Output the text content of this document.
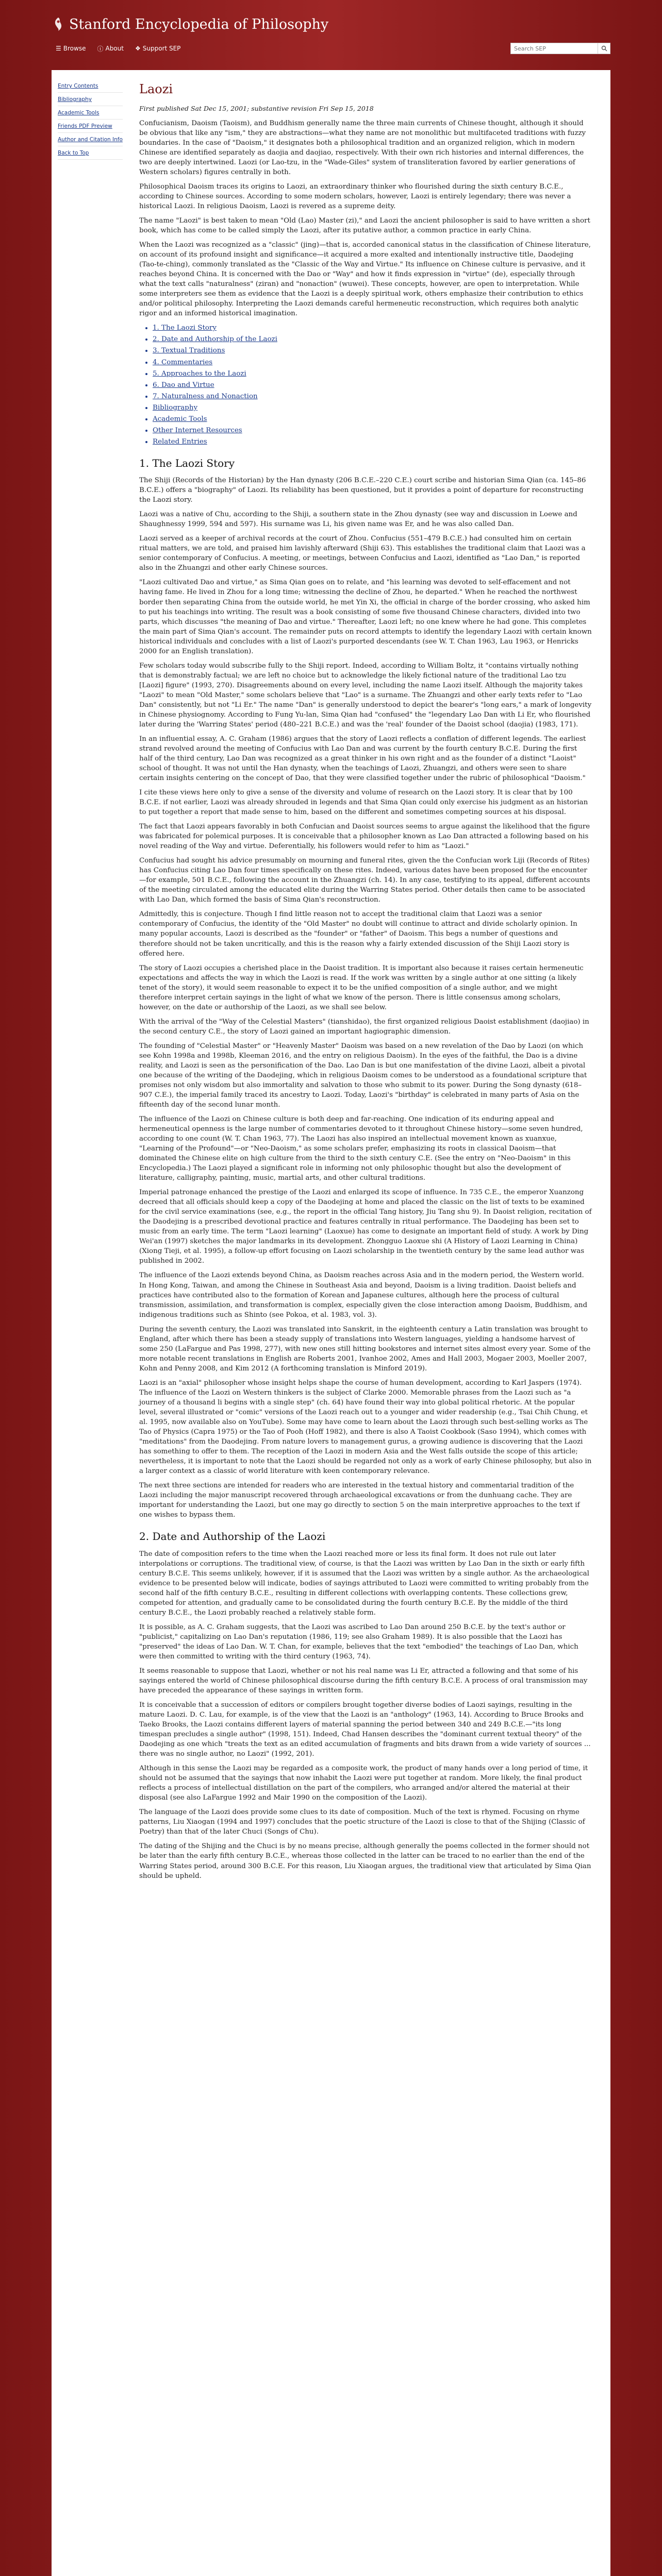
Stanford Encyclopedia of Philosophy
☰ Browse ⓘ About ❖ Support SEP
Search SEP
Entry Contents
Bibliography
Academic Tools
Friends PDF Preview
Author and Citation Info
Back to Top
Laozi
First published Sat Dec 15, 2001; substantive revision Fri Sep 15, 2018

Confucianism, Daoism (Taoism), and Buddhism generally name the three main currents of Chinese thought, although it should be obvious that like any "ism," they are abstractions—what they name are not monolithic but multifaceted traditions with fuzzy boundaries. In the case of "Daoism," it designates both a philosophical tradition and an organized religion, which in modern Chinese are identified separately as daojia and daojiao, respectively. With their own rich histories and internal differences, the two are deeply intertwined. Laozi (or Lao-tzu, in the "Wade-Giles" system of transliteration favored by earlier generations of Western scholars) figures centrally in both.

Philosophical Daoism traces its origins to Laozi, an extraordinary thinker who flourished during the sixth century B.C.E., according to Chinese sources. According to some modern scholars, however, Laozi is entirely legendary; there was never a historical Laozi. In religious Daoism, Laozi is revered as a supreme deity.

The name "Laozi" is best taken to mean "Old (Lao) Master (zi)," and Laozi the ancient philosopher is said to have written a short book, which has come to be called simply the Laozi, after its putative author, a common practice in early China.

When the Laozi was recognized as a "classic" (jing)—that is, accorded canonical status in the classification of Chinese literature, on account of its profound insight and significance—it acquired a more exalted and intentionally instructive title, Daodejing (Tao-te-ching), commonly translated as the "Classic of the Way and Virtue." Its influence on Chinese culture is pervasive, and it reaches beyond China. It is concerned with the Dao or "Way" and how it finds expression in "virtue" (de), especially through what the text calls "naturalness" (ziran) and "nonaction" (wuwei). These concepts, however, are open to interpretation. While some interpreters see them as evidence that the Laozi is a deeply spiritual work, others emphasize their contribution to ethics and/or political philosophy. Interpreting the Laozi demands careful hermeneutic reconstruction, which requires both analytic rigor and an informed historical imagination.

• 1. The Laozi Story
• 2. Date and Authorship of the Laozi
• 3. Textual Traditions
• 4. Commentaries
• 5. Approaches to the Laozi
• 6. Dao and Virtue
• 7. Naturalness and Nonaction
• Bibliography
• Academic Tools
• Other Internet Resources
• Related Entries
1. The Laozi Story

The Shiji (Records of the Historian) by the Han dynasty (206 B.C.E.–220 C.E.) court scribe and historian Sima Qian (ca. 145–86 B.C.E.) offers a "biography" of Laozi. Its reliability has been questioned, but it provides a point of departure for reconstructing the Laozi story.

Laozi was a native of Chu, according to the Shiji, a southern state in the Zhou dynasty (see way and discussion in Loewe and Shaughnessy 1999, 594 and 597). His surname was Li, his given name was Er, and he was also called Dan.

Laozi served as a keeper of archival records at the court of Zhou. Confucius (551–479 B.C.E.) had consulted him on certain ritual matters, we are told, and praised him lavishly afterward (Shiji 63). This establishes the traditional claim that Laozi was a senior contemporary of Confucius. A meeting, or meetings, between Confucius and Laozi, identified as "Lao Dan," is reported also in the Zhuangzi and other early Chinese sources.

"Laozi cultivated Dao and virtue," as Sima Qian goes on to relate, and "his learning was devoted to self-effacement and not having fame. He lived in Zhou for a long time; witnessing the decline of Zhou, he departed." When he reached the northwest border then separating China from the outside world, he met Yin Xi, the official in charge of the border crossing, who asked him to put his teachings into writing. The result was a book consisting of some five thousand Chinese characters, divided into two parts, which discusses "the meaning of Dao and virtue." Thereafter, Laozi left; no one knew where he had gone. This completes the main part of Sima Qian's account. The remainder puts on record attempts to identify the legendary Laozi with certain known historical individuals and concludes with a list of Laozi's purported descendants (see W. T. Chan 1963, Lau 1963, or Henricks 2000 for an English translation).

Few scholars today would subscribe fully to the Shiji report. Indeed, according to William Boltz, it "contains virtually nothing that is demonstrably factual; we are left no choice but to acknowledge the likely fictional nature of the traditional Lao tzu [Laozi] figure" (1993, 270). Disagreements abound on every level, including the name Laozi itself. Although the majority takes "Laozi" to mean "Old Master," some scholars believe that "Lao" is a surname. The Zhuangzi and other early texts refer to "Lao Dan" consistently, but not "Li Er." The name "Dan" is generally understood to depict the bearer's "long ears," a mark of longevity in Chinese physiognomy. According to Fung Yu-lan, Sima Qian had "confused" the "legendary Lao Dan with Li Er, who flourished later during the 'Warring States' period (480–221 B.C.E.) and was the 'real' founder of the Daoist school (daojia) (1983, 171).

In an influential essay, A. C. Graham (1986) argues that the story of Laozi reflects a conflation of different legends. The earliest strand revolved around the meeting of Confucius with Lao Dan and was current by the fourth century B.C.E. During the first half of the third century, Lao Dan was recognized as a great thinker in his own right and as the founder of a distinct "Laoist" school of thought. It was not until the Han dynasty, when the teachings of Laozi, Zhuangzi, and others were seen to share certain insights centering on the concept of Dao, that they were classified together under the rubric of philosophical "Daoism."

I cite these views here only to give a sense of the diversity and volume of research on the Laozi story. It is clear that by 100 B.C.E. if not earlier, Laozi was already shrouded in legends and that Sima Qian could only exercise his judgment as an historian to put together a report that made sense to him, based on the different and sometimes competing sources at his disposal.

The fact that Laozi appears favorably in both Confucian and Daoist sources seems to argue against the likelihood that the figure was fabricated for polemical purposes. It is conceivable that a philosopher known as Lao Dan attracted a following based on his novel reading of the Way and virtue. Deferentially, his followers would refer to him as "Laozi."

Confucius had sought his advice presumably on mourning and funeral rites, given the the Confucian work Liji (Records of Rites) has Confucius citing Lao Dan four times specifically on these rites. Indeed, various dates have been proposed for the encounter—for example, 501 B.C.E., following the account in the Zhuangzi (ch. 14). In any case, testifying to its appeal, different accounts of the meeting circulated among the educated elite during the Warring States period. Other details then came to be associated with Lao Dan, which formed the basis of Sima Qian's reconstruction.

Admittedly, this is conjecture. Though I find little reason not to accept the traditional claim that Laozi was a senior contemporary of Confucius, the identity of the "Old Master" no doubt will continue to attract and divide scholarly opinion. In many popular accounts, Laozi is described as the "founder" or "father" of Daoism. This begs a number of questions and therefore should not be taken uncritically, and this is the reason why a fairly extended discussion of the Shiji Laozi story is offered here.

The story of Laozi occupies a cherished place in the Daoist tradition. It is important also because it raises certain hermeneutic expectations and affects the way in which the Laozi is read. If the work was written by a single author at one sitting (a likely tenet of the story), it would seem reasonable to expect it to be the unified composition of a single author, and we might therefore interpret certain sayings in the light of what we know of the person. There is little consensus among scholars, however, on the date or authorship of the Laozi, as we shall see below.

With the arrival of the "Way of the Celestial Masters" (tianshidao), the first organized religious Daoist establishment (daojiao) in the second century C.E., the story of Laozi gained an important hagiographic dimension.

The founding of "Celestial Master" or "Heavenly Master" Daoism was based on a new revelation of the Dao by Laozi (on which see Kohn 1998a and 1998b, Kleeman 2016, and the entry on religious Daoism). In the eyes of the faithful, the Dao is a divine reality, and Laozi is seen as the personification of the Dao. Lao Dan is but one manifestation of the divine Laozi, albeit a pivotal one because of the writing of the Daodejing, which in religious Daoism comes to be understood as a foundational scripture that promises not only wisdom but also immortality and salvation to those who submit to its power. During the Song dynasty (618–907 C.E.), the imperial family traced its ancestry to Laozi. Today, Laozi's "birthday" is celebrated in many parts of Asia on the fifteenth day of the second lunar month.

The influence of the Laozi on Chinese culture is both deep and far-reaching. One indication of its enduring appeal and hermeneutical openness is the large number of commentaries devoted to it throughout Chinese history—some seven hundred, according to one count (W. T. Chan 1963, 77). The Laozi has also inspired an intellectual movement known as xuanxue, "Learning of the Profound"—or "Neo-Daoism," as some scholars prefer, emphasizing its roots in classical Daoism—that dominated the Chinese elite on high culture from the third to the sixth century C.E. (See the entry on "Neo-Daoism" in this Encyclopedia.) The Laozi played a significant role in informing not only philosophic thought but also the development of literature, calligraphy, painting, music, martial arts, and other cultural traditions.

Imperial patronage enhanced the prestige of the Laozi and enlarged its scope of influence. In 735 C.E., the emperor Xuanzong decreed that all officials should keep a copy of the Daodejing at home and placed the classic on the list of texts to be examined for the civil service examinations (see, e.g., the report in the official Tang history, Jiu Tang shu 9). In Daoist religion, recitation of the Daodejing is a prescribed devotional practice and features centrally in ritual performance. The Daodejing has been set to music from an early time. The term "Laozi learning" (Laoxue) has come to designate an important field of study. A work by Ding Wei'an (1997) sketches the major landmarks in its development. Zhongguo Laoxue shi (A History of Laozi Learning in China) (Xiong Tieji, et al. 1995), a follow-up effort focusing on Laozi scholarship in the twentieth century by the same lead author was published in 2002.

The influence of the Laozi extends beyond China, as Daoism reaches across Asia and in the modern period, the Western world. In Hong Kong, Taiwan, and among the Chinese in Southeast Asia and beyond, Daoism is a living tradition. Daoist beliefs and practices have contributed also to the formation of Korean and Japanese cultures, although here the process of cultural transmission, assimilation, and transformation is complex, especially given the close interaction among Daoism, Buddhism, and indigenous traditions such as Shinto (see Pokoa, et al. 1983, vol. 3).

During the seventh century, the Laozi was translated into Sanskrit, in the eighteenth century a Latin translation was brought to England, after which there has been a steady supply of translations into Western languages, yielding a handsome harvest of some 250 (LaFargue and Pas 1998, 277), with new ones still hitting bookstores and internet sites almost every year. Some of the more notable recent translations in English are Roberts 2001, Ivanhoe 2002, Ames and Hall 2003, Mogaer 2003, Moeller 2007, Kohn and Penny 2008, and Kim 2012 (A forthcoming translation is Minford 2019).

Laozi is an "axial" philosopher whose insight helps shape the course of human development, according to Karl Jaspers (1974). The influence of the Laozi on Western thinkers is the subject of Clarke 2000. Memorable phrases from the Laozi such as "a journey of a thousand li begins with a single step" (ch. 64) have found their way into global political rhetoric. At the popular level, several illustrated or "comic" versions of the Laozi reach out to a younger and wider readership (e.g., Tsai Chih Chung, et al. 1995, now available also on YouTube). Some may have come to learn about the Laozi through such best-selling works as The Tao of Physics (Capra 1975) or the Tao of Pooh (Hoff 1982), and there is also A Taoist Cookbook (Saso 1994), which comes with "meditations" from the Daodejing. From nature lovers to management gurus, a growing audience is discovering that the Laozi has something to offer to them. The reception of the Laozi in modern Asia and the West falls outside the scope of this article; nevertheless, it is important to note that the Laozi should be regarded not only as a work of early Chinese philosophy, but also in a larger context as a classic of world literature with keen contemporary relevance.

The next three sections are intended for readers who are interested in the textual history and commentarial tradition of the Laozi including the major manuscript recovered through archaeological excavations or from the dunhuang cache. They are important for understanding the Laozi, but one may go directly to section 5 on the main interpretive approaches to the text if one wishes to bypass them.

2. Date and Authorship of the Laozi

The date of composition refers to the time when the Laozi reached more or less its final form. It does not rule out later interpolations or corruptions. The traditional view, of course, is that the Laozi was written by Lao Dan in the sixth or early fifth century B.C.E. This seems unlikely, however, if it is assumed that the Laozi was written by a single author. As the archaeological evidence to be presented below will indicate, bodies of sayings attributed to Laozi were committed to writing probably from the second half of the fifth century B.C.E., resulting in different collections with overlapping contents. These collections grew, competed for attention, and gradually came to be consolidated during the fourth century B.C.E. By the middle of the third century B.C.E., the Laozi probably reached a relatively stable form.

It is possible, as A. C. Graham suggests, that the Laozi was ascribed to Lao Dan around 250 B.C.E. by the text's author or "publicist," capitalizing on Lao Dan's reputation (1986, 119; see also Graham 1989). It is also possible that the Laozi has "preserved" the ideas of Lao Dan. W. T. Chan, for example, believes that the text "embodied" the teachings of Lao Dan, which were then committed to writing with the third century (1963, 74).

It seems reasonable to suppose that Laozi, whether or not his real name was Li Er, attracted a following and that some of his sayings entered the world of Chinese philosophical discourse during the fifth century B.C.E. A process of oral transmission may have preceded the appearance of these sayings in written form.

It is conceivable that a succession of editors or compilers brought together diverse bodies of Laozi sayings, resulting in the mature Laozi. D. C. Lau, for example, is of the view that the Laozi is an "anthology" (1963, 14). According to Bruce Brooks and Taeko Brooks, the Laozi contains different layers of material spanning the period between 340 and 249 B.C.E.—"its long timespan precludes a single author" (1998, 151). Indeed, Chad Hansen describes the "dominant current textual theory" of the Daodejing as one which "treats the text as an edited accumulation of fragments and bits drawn from a wide variety of sources ... there was no single author, no Laozi" (1992, 201).

Although in this sense the Laozi may be regarded as a composite work, the product of many hands over a long period of time, it should not be assumed that the sayings that now inhabit the Laozi were put together at random. More likely, the final product reflects a process of intellectual distillation on the part of the compilers, who arranged and/or altered the material at their disposal (see also LaFargue 1992 and Mair 1990 on the composition of the Laozi).

The language of the Laozi does provide some clues to its date of composition. Much of the text is rhymed. Focusing on rhyme patterns, Liu Xiaogan (1994 and 1997) concludes that the poetic structure of the Laozi is close to that of the Shijing (Classic of Poetry) than that of the later Chuci (Songs of Chu).

The dating of the Shijing and the Chuci is by no means precise, although generally the poems collected in the former should not be later than the early fifth century B.C.E., whereas those collected in the latter can be traced to no earlier than the end of the Warring States period, around 300 B.C.E. For this reason, Liu Xiaogan argues, the traditional view that articulated by Sima Qian should be upheld.
